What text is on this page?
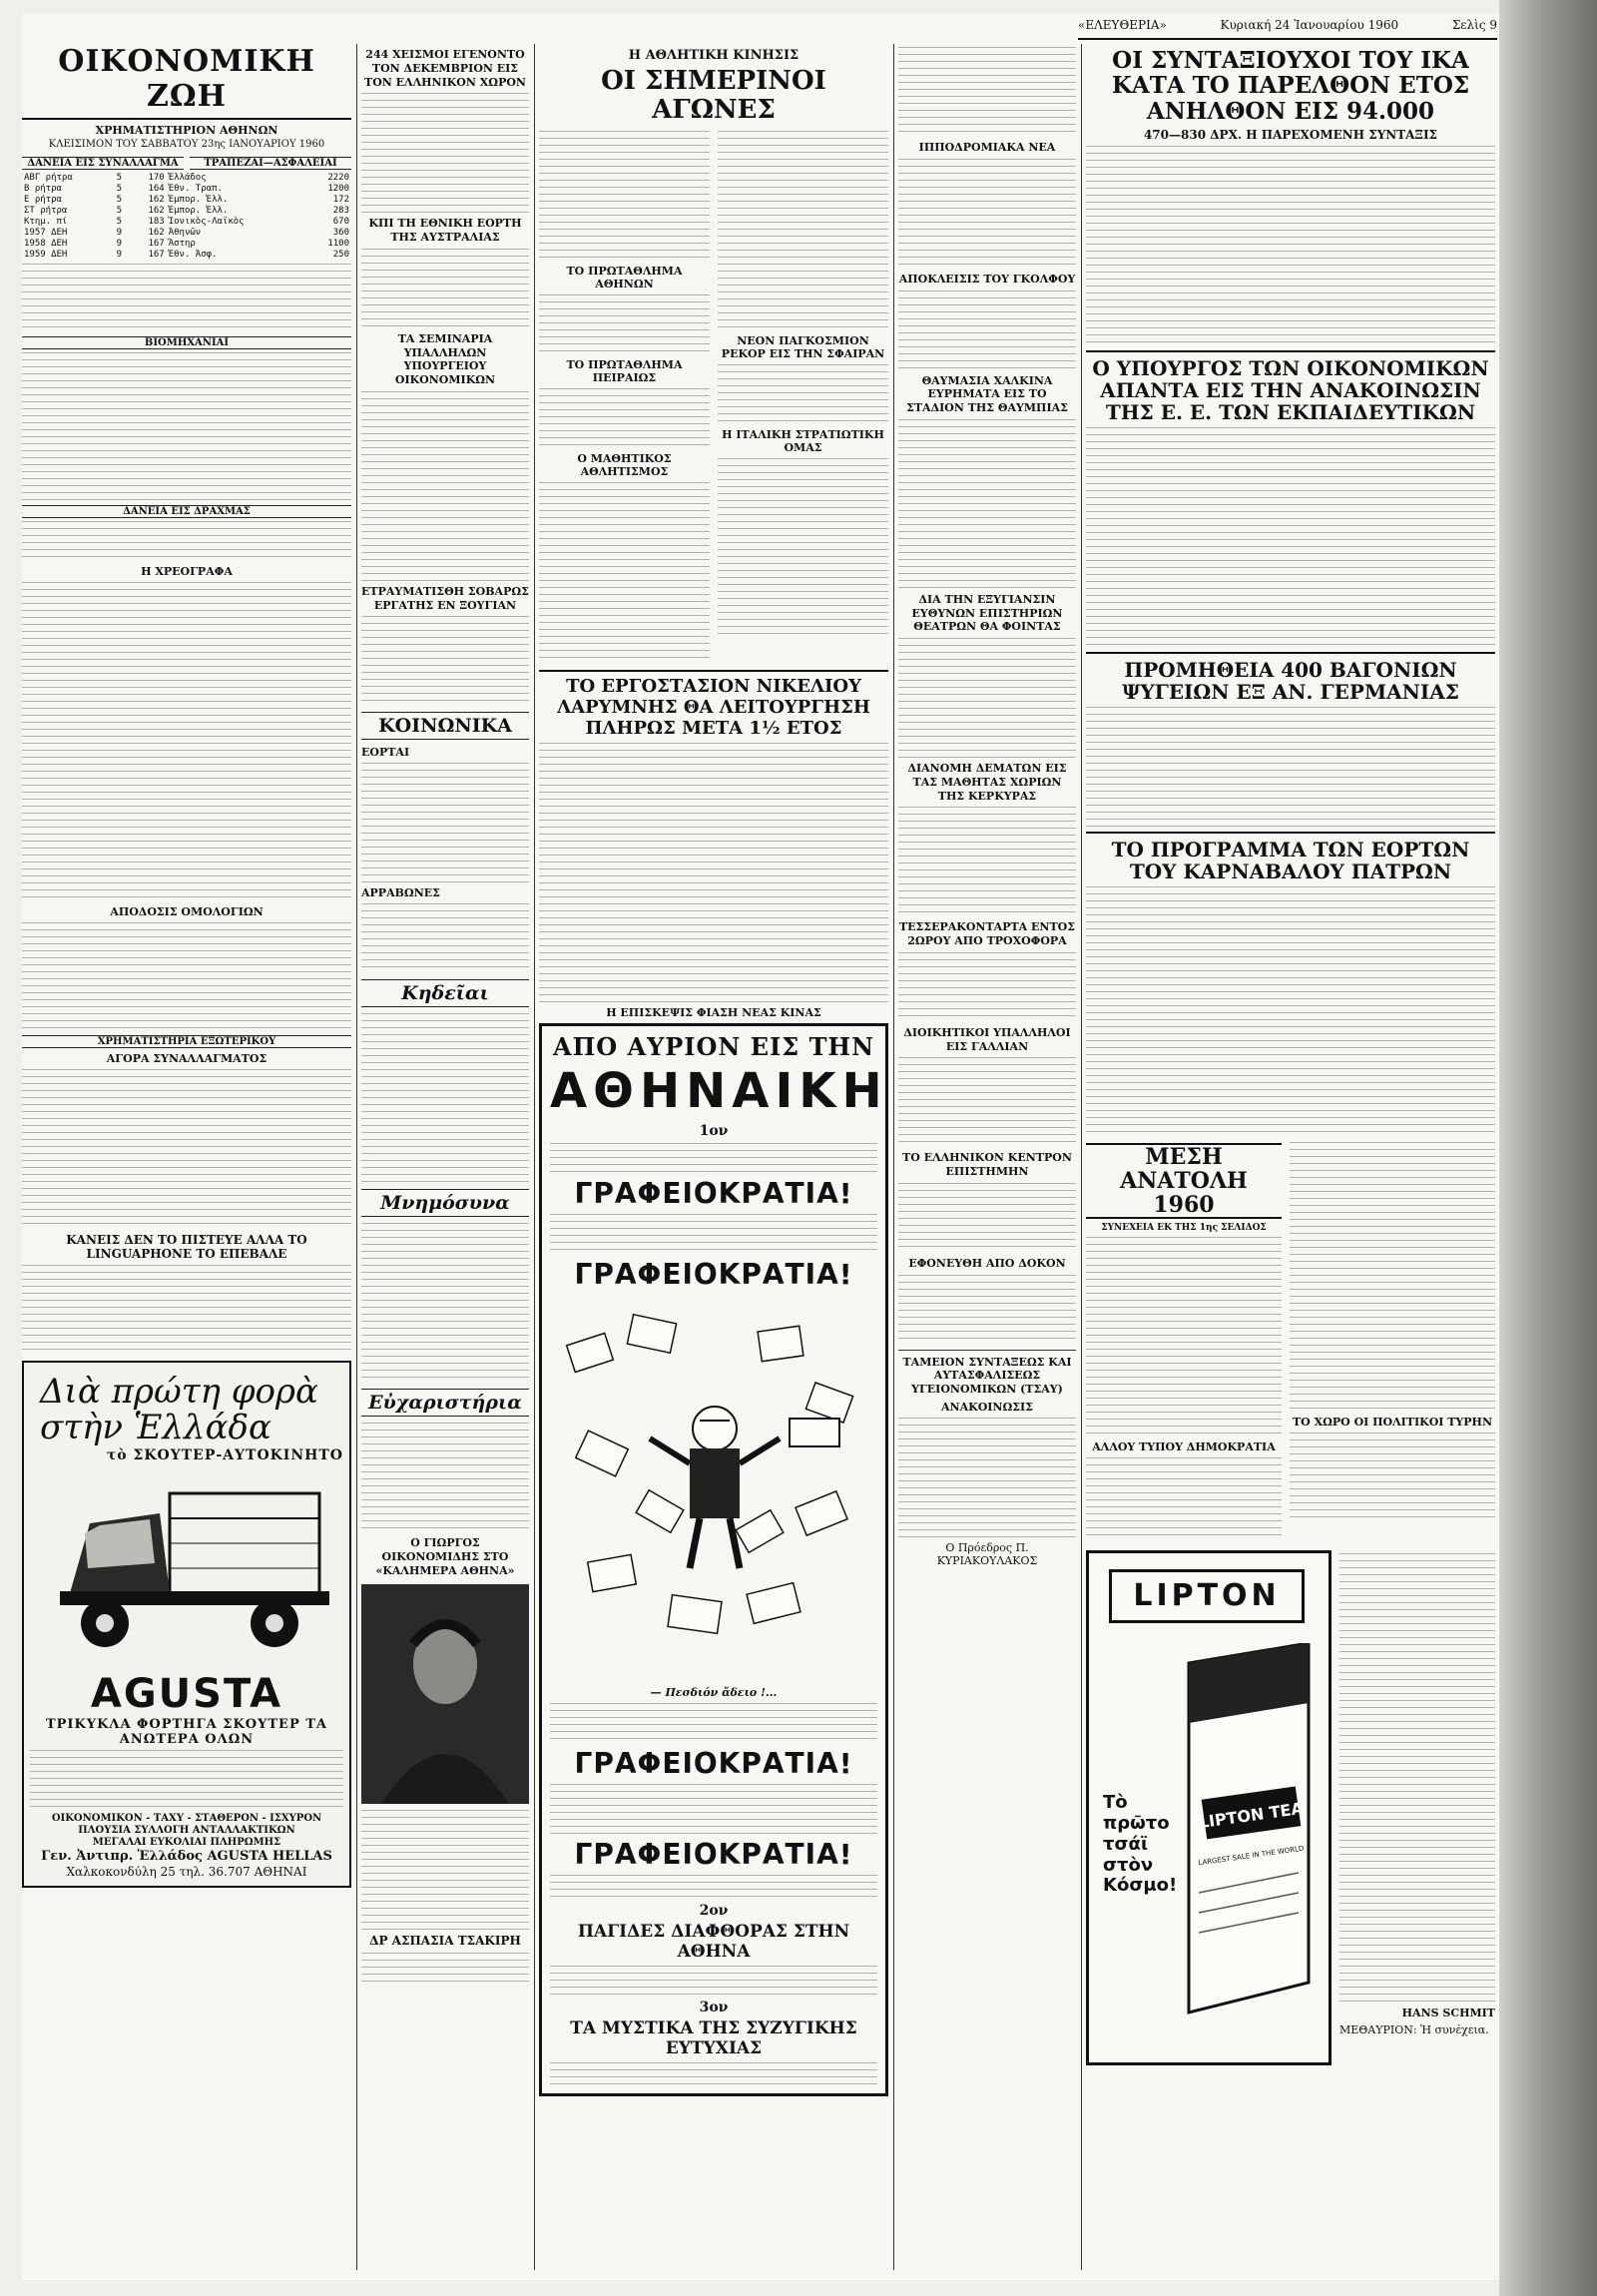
«ΕΛΕΥΘΕΡΙΑ»	Κυριακή 24 Ἰανουαρίου 1960	Σελὶς 9
ΟΙΚΟΝΟΜΙΚΗ ΖΩΗ
ΧΡΗΜΑΤΙΣΤΗΡΙΟΝ ΑΘΗΝΩΝ
ΚΛΕΙΣΙΜΟΝ ΤΟΥ ΣΑΒΒΑΤΟΥ 23ης ΙΑΝΟΥΑΡΙΟΥ 1960
ΔΑΝΕΙΑ ΕΙΣ ΣΥΝΑΛΛΑΓΜΑ	ΤΡΑΠΕΖΑΙ—ΑΣΦΑΛΕΙΑΙ
ΑΒΓ ρήτρα	5	170	Ἑλλάδος	2220
Β ρήτρα	5	164	Ἐθν. Τραπ.	1200
Ε ρήτρα	5	162	Ἐμπορ. Ἑλλ.	172
ΣΤ ρήτρα	5	162	Ἐμπορ. Ἑλλ.	283
Κτημ. πί	5	183	Ἰονικὸς-Λαϊκὸς	670
1957 ΔΕΗ	9	162	Ἀθηνῶν	360
1958 ΔΕΗ	9	167	Ἄστηρ	1100
1959 ΔΕΗ	9	167	Ἐθν. Ἀσφ.	250
ΒΙΟΜΗΧΑΝΙΑΙ
ΔΑΝΕΙΑ ΕΙΣ ΔΡΑΧΜΑΣ
Η ΧΡΕΟΓΡΑΦΑ
ΑΠΟΔΟΣΙΣ ΟΜΟΛΟΓΙΩΝ
ΧΡΗΜΑΤΙΣΤΗΡΙΑ ΕΞΩΤΕΡΙΚΟΥ
ΑΓΟΡΑ ΣΥΝΑΛΛΑΓΜΑΤΟΣ
ΚΑΝΕΙΣ ΔΕΝ ΤΟ ΠΙΣΤΕΥΕ ΑΛΛΑ ΤΟ LINGUAPHONE ΤΟ ΕΠΕΒΑΛΕ
Διὰ πρώτη φορὰ στὴν Ἑλλάδα
τὸ ΣΚΟΥΤΕΡ-ΑΥΤΟΚΙΝΗΤΟ
AGUSTA
ΤΡΙΚΥΚΛΑ ΦΟΡΤΗΓΑ ΣΚΟΥΤΕΡ ΤΑ ΑΝΩΤΕΡΑ ΟΛΩΝ
ΟΙΚΟΝΟΜΙΚΟΝ - ΤΑΧΥ - ΣΤΑΘΕΡΟΝ - ΙΣΧΥΡΟΝ
ΠΛΟΥΣΙΑ ΣΥΛΛΟΓΗ ΑΝΤΑΛΛΑΚΤΙΚΩΝ
ΜΕΓΑΛΑΙ ΕΥΚΟΛΙΑΙ ΠΛΗΡΩΜΗΣ
Γεν. Ἀντιπρ. Ἑλλάδος AGUSTA HELLAS
Χαλκοκονδύλη 25 τηλ. 36.707 ΑΘΗΝΑΙ
244 ΧΕΙΣΜΟΙ ΕΓΕΝΟΝΤΟ ΤΟΝ ΔΕΚΕΜΒΡΙΟΝ ΕΙΣ ΤΟΝ ΕΛΛΗΝΙΚΟΝ ΧΩΡΟΝ
ΚΠΙ ΤΗ ΕΘΝΙΚΗ ΕΟΡΤΗ ΤΗΣ ΑΥΣΤΡΑΛΙΑΣ
ΤΑ ΣΕΜΙΝΑΡΙΑ ΥΠΑΛΛΗΛΩΝ ΥΠΟΥΡΓΕΙΟΥ ΟΙΚΟΝΟΜΙΚΩΝ
ΕΤΡΑΥΜΑΤΙΣΘΗ ΣΟΒΑΡΩΣ ΕΡΓΑΤΗΣ ΕΝ ΞΟΥΓΙΑΝ
ΚΟΙΝΩΝΙΚΑ
ΕΟΡΤΑΙ
ΑΡΡΑΒΩΝΕΣ
Κηδεῖαι
Μνημόσυνα
Εὐχαριστήρια
Ο ΓΙΩΡΓΟΣ ΟΙΚΟΝΟΜΙΔΗΣ ΣΤΟ «ΚΑΛΗΜΕΡΑ ΑΘΗΝΑ»
ΔΡ ΑΣΠΑΣΙΑ ΤΣΑΚΙΡΗ
Η ΑΘΛΗΤΙΚΗ ΚΙΝΗΣΙΣ
ΟΙ ΣΗΜΕΡΙΝΟΙ ΑΓΩΝΕΣ
ΤΟ ΠΡΩΤΑΘΛΗΜΑ ΑΘΗΝΩΝ
ΤΟ ΠΡΩΤΑΘΛΗΜΑ ΠΕΙΡΑΙΩΣ
Ο ΜΑΘΗΤΙΚΟΣ ΑΘΛΗΤΙΣΜΟΣ
ΝΕΟΝ ΠΑΓΚΟΣΜΙΟΝ ΡΕΚΟΡ ΕΙΣ ΤΗΝ ΣΦΑΙΡΑΝ
Η ΙΤΑΛΙΚΗ ΣΤΡΑΤΙΩΤΙΚΗ ΟΜΑΣ
ΤΟ ΕΡΓΟΣΤΑΣΙΟΝ ΝΙΚΕΛΙΟΥ ΛΑΡΥΜΝΗΣ ΘΑ ΛΕΙΤΟΥΡΓΗΣΗ ΠΛΗΡΩΣ ΜΕΤΑ 1½ ΕΤΟΣ
Η ΕΠΙΣΚΕΨΙΣ ΦΙΑΣΗ ΝΕΑΣ ΚΙΝΑΣ
ΑΠΟ ΑΥΡΙΟΝ ΕΙΣ ΤΗΝ
ΑΘΗΝΑΙΚΗ
1ον
ΓΡΑΦΕΙΟΚΡΑΤΙΑ!
ΓΡΑΦΕΙΟΚΡΑΤΙΑ!
— Πεσδιόν ἄδειο !...
ΓΡΑΦΕΙΟΚΡΑΤΙΑ!
ΓΡΑΦΕΙΟΚΡΑΤΙΑ!
2ον
ΠΑΓΙΔΕΣ ΔΙΑΦΘΟΡΑΣ ΣΤΗΝ ΑΘΗΝΑ
3ον
ΤΑ ΜΥΣΤΙΚΑ ΤΗΣ ΣΥΖΥΓΙΚΗΣ ΕΥΤΥΧΙΑΣ
ΙΠΠΟΔΡΟΜΙΑΚΑ ΝΕΑ
ΑΠΟΚΛΕΙΣΙΣ ΤΟΥ ΓΚΟΛΦΟΥ
ΘΑΥΜΑΣΙΑ ΧΑΛΚΙΝΑ ΕΥΡΗΜΑΤΑ ΕΙΣ ΤΟ ΣΤΑΔΙΟΝ ΤΗΣ ΘΑΥΜΠΙΑΣ
ΔΙΑ ΤΗΝ ΕΞΥΓΙΑΝΣΙΝ ΕΥΘΥΝΩΝ ΕΠΙΣΤΗΡΙΩΝ ΘΕΑΤΡΩΝ ΘΑ ΦΟΙΝΤΑΣ
ΔΙΑΝΟΜΗ ΔΕΜΑΤΩΝ ΕΙΣ ΤΑΣ ΜΑΘΗΤΑΣ ΧΩΡΙΩΝ ΤΗΣ ΚΕΡΚΥΡΑΣ
ΤΕΣΣΕΡΑΚΟΝΤΑΡΤΑ ΕΝΤΟΣ 2ΩΡΟΥ ΑΠΟ ΤΡΟΧΟΦΟΡΑ
ΔΙΟΙΚΗΤΙΚΟΙ ΥΠΑΛΛΗΛΟΙ ΕΙΣ ΓΑΛΛΙΑΝ
ΤΟ ΕΛΛΗΝΙΚΟΝ ΚΕΝΤΡΟΝ ΕΠΙΣΤΗΜΗΝ
ΕΦΟΝΕΥΘΗ ΑΠΟ ΔΟΚΟΝ
ΤΑΜΕΙΟΝ ΣΥΝΤΑΞΕΩΣ ΚΑΙ ΑΥΤΑΣΦΑΛΙΣΕΩΣ ΥΓΕΙΟΝΟΜΙΚΩΝ (ΤΣΑΥ)
ΑΝΑΚΟΙΝΩΣΙΣ
Ο Πρόεδρος Π. ΚΥΡΙΑΚΟΥΛΑΚΟΣ
ΟΙ ΣΥΝΤΑΞΙΟΥΧΟΙ ΤΟΥ ΙΚΑ ΚΑΤΑ ΤΟ ΠΑΡΕΛΘΟΝ ΕΤΟΣ ΑΝΗΛΘΟΝ ΕΙΣ 94.000
470—830 ΔΡΧ. Η ΠΑΡΕΧΟΜΕΝΗ ΣΥΝΤΑΞΙΣ
Ο ΥΠΟΥΡΓΟΣ ΤΩΝ ΟΙΚΟΝΟΜΙΚΩΝ ΑΠΑΝΤΑ ΕΙΣ ΤΗΝ ΑΝΑΚΟΙΝΩΣΙΝ ΤΗΣ Ε. Ε. ΤΩΝ ΕΚΠΑΙΔΕΥΤΙΚΩΝ
ΠΡΟΜΗΘΕΙΑ 400 ΒΑΓΟΝΙΩΝ ΨΥΓΕΙΩΝ ΕΞ ΑΝ. ΓΕΡΜΑΝΙΑΣ
ΤΟ ΠΡΟΓΡΑΜΜΑ ΤΩΝ ΕΟΡΤΩΝ ΤΟΥ ΚΑΡΝΑΒΑΛΟΥ ΠΑΤΡΩΝ
ΜΕΣΗ ΑΝΑΤΟΛΗ 1960
ΣΥΝΕΧΕΙΑ ΕΚ ΤΗΣ 1ης ΣΕΛΙΔΟΣ
ΑΛΛΟΥ ΤΥΠΟΥ ΔΗΜΟΚΡΑΤΙΑ
ΤΟ ΧΩΡΟ ΟΙ ΠΟΛΙΤΙΚΟΙ ΤΥΡΗΝ
LIPTON
Τὸ πρῶτο τσάϊ στὸν Κόσμο!
LIPTON TEA
LARGEST SALE IN THE WORLD
HANS SCHMIT
ΜΕΘΑΥΡΙΟΝ: Ἡ συνέχεια.
